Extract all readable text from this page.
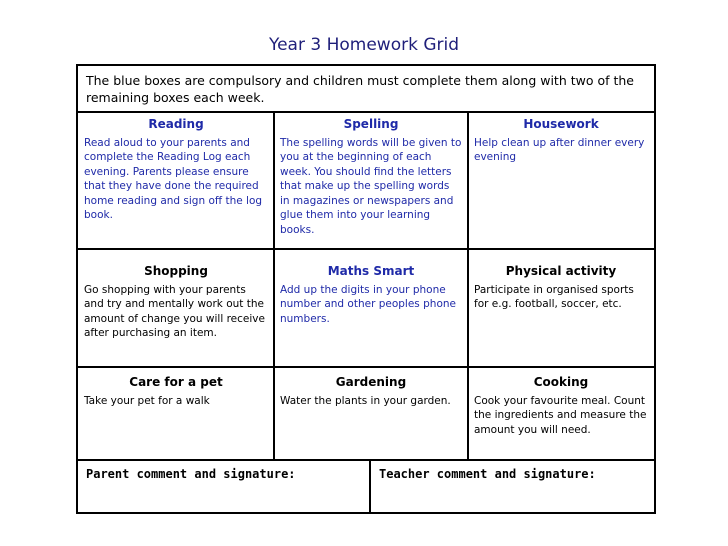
Year 3 Homework Grid
The blue boxes are compulsory and children must complete them along with two of the remaining boxes each week.
Reading

Read aloud to your parents and complete the Reading Log each evening. Parents please ensure that they have done the required home reading and sign off the log book.

Spelling

The spelling words will be given to you at the beginning of each week. You should find the letters that make up the spelling words in magazines or newspapers and glue them into your learning books.

Housework

Help clean up after dinner every evening

Shopping

Go shopping with your parents and try and mentally work out the amount of change you will receive after purchasing an item.

Maths Smart

Add up the digits in your phone number and other peoples phone numbers.

Physical activity

Participate in organised sports for e.g. football, soccer, etc.

Care for a pet

Take your pet for a walk

Gardening

Water the plants in your garden.

Cooking

Cook your favourite meal. Count the ingredients and measure the amount you will need.

Parent comment and signature:	Teacher comment and signature:
